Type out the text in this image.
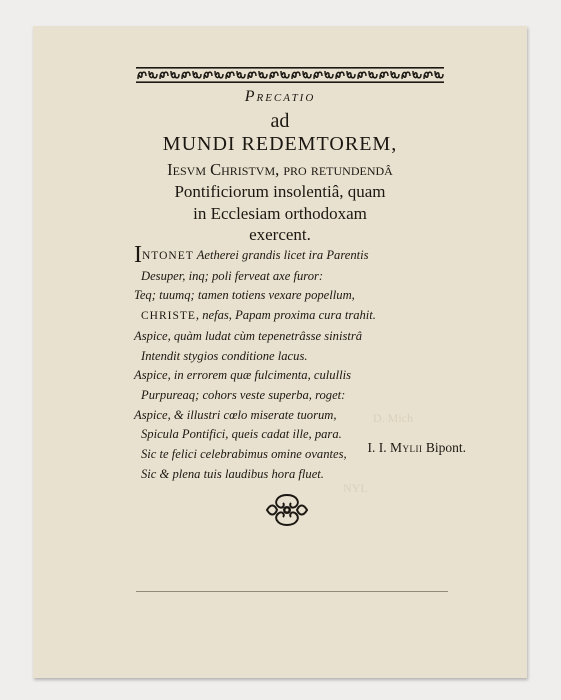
Precatio
ad
MUNDI REDEMTOREM,
Iesvm Christvm, pro retundendâ
Pontificiorum insolentiâ, quam
in Ecclesiam orthodoxam
exercent.
INTONET Aetherei grandis licet ira Parentis
Desuper, inq; poli ferveat axe furor:
Teq; tuumq; tamen totiens vexare popellum,
CHRISTE, nefas, Papam proxima cura trahit.
Aspice, quàm ludat cùm tepenetrâsse sinistrâ
Intendit stygios conditione lacus.
Aspice, in errorem quæ fulcimenta, culullis
Purpureaq; cohors veste superba, roget:
Aspice, & illustri cœlo miserate tuorum,
Spicula Pontifici, queis cadat ille, para.
Sic te felici celebrabimus omine ovantes,
Sic & plena tuis laudibus hora fluet.
I. I. Mylii Bipont.
D. Mich
NYL
